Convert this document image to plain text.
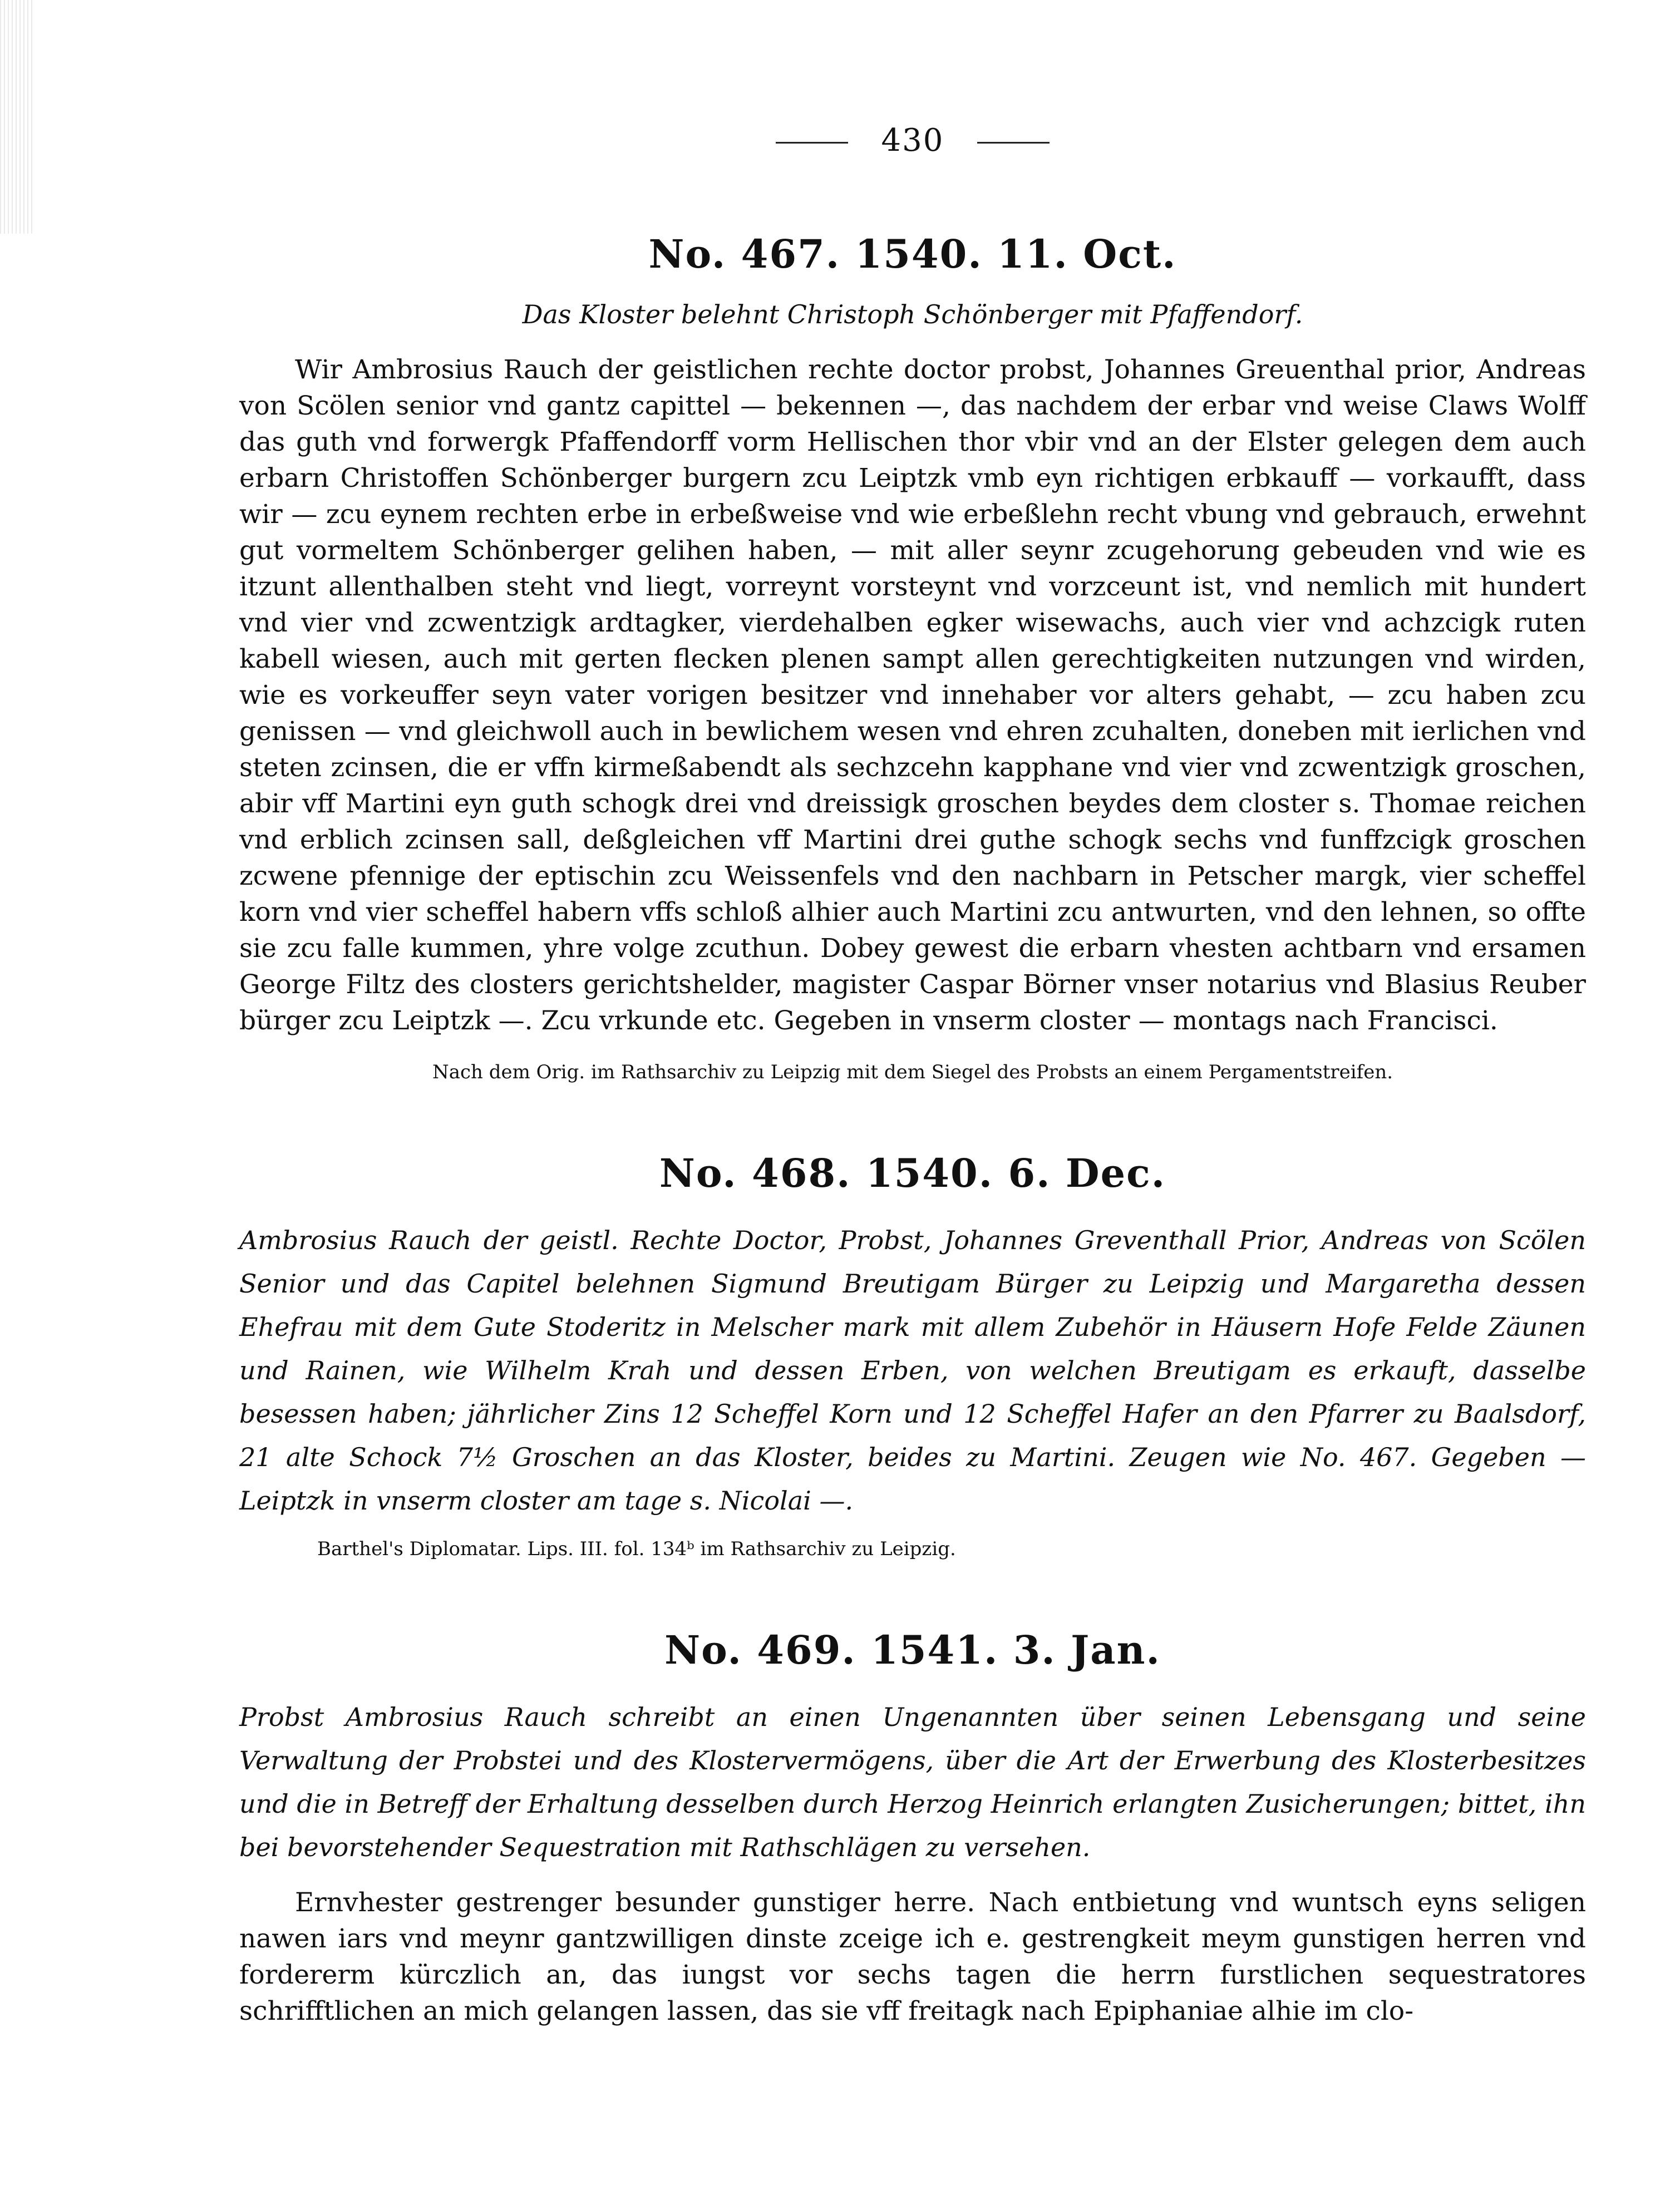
430
No. 467. 1540. 11. Oct.
Das Kloster belehnt Christoph Schönberger mit Pfaffendorf.

Wir Ambrosius Rauch der geistlichen rechte doctor probst, Johannes Greuenthal prior, Andreas von Scölen senior vnd gantz capittel — bekennen —, das nachdem der erbar vnd weise Claws Wolff das guth vnd forwergk Pfaffendorff vorm Hellischen thor vbir vnd an der Elster gelegen dem auch erbarn Christoffen Schönberger burgern zcu Leiptzk vmb eyn richtigen erbkauff — vorkaufft, dass wir — zcu eynem rechten erbe in erbeßweise vnd wie erbeßlehn recht vbung vnd gebrauch, erwehnt gut vormeltem Schönberger gelihen haben, — mit aller seynr zcugehorung gebeuden vnd wie es itzunt allenthalben steht vnd liegt, vorreynt vorsteynt vnd vorzceunt ist, vnd nemlich mit hundert vnd vier vnd zcwentzigk ardtagker, vierdehalben egker wisewachs, auch vier vnd achzcigk ruten kabell wiesen, auch mit gerten flecken plenen sampt allen gerechtigkeiten nutzungen vnd wirden, wie es vorkeuffer seyn vater vorigen besitzer vnd innehaber vor alters gehabt, — zcu haben zcu genissen — vnd gleichwoll auch in bewlichem wesen vnd ehren zcuhalten, doneben mit ierlichen vnd steten zcinsen, die er vffn kirmeßabendt als sechzcehn kapphane vnd vier vnd zcwentzigk groschen, abir vff Martini eyn guth schogk drei vnd dreissigk groschen beydes dem closter s. Thomae reichen vnd erblich zcinsen sall, deßgleichen vff Martini drei guthe schogk sechs vnd funffzcigk groschen zcwene pfennige der eptischin zcu Weissenfels vnd den nachbarn in Petscher margk, vier scheffel korn vnd vier scheffel habern vffs schloß alhier auch Martini zcu antwurten, vnd den lehnen, so offte sie zcu falle kummen, yhre volge zcuthun. Dobey gewest die erbarn vhesten achtbarn vnd ersamen George Filtz des closters gerichtshelder, magister Caspar Börner vnser notarius vnd Blasius Reuber bürger zcu Leiptzk —. Zcu vrkunde etc. Gegeben in vnserm closter — montags nach Francisci.

Nach dem Orig. im Rathsarchiv zu Leipzig mit dem Siegel des Probsts an einem Pergamentstreifen.
No. 468. 1540. 6. Dec.
Ambrosius Rauch der geistl. Rechte Doctor, Probst, Johannes Greventhall Prior, Andreas von Scölen Senior und das Capitel belehnen Sigmund Breutigam Bürger zu Leipzig und Margaretha dessen Ehefrau mit dem Gute Stoderitz in Melscher mark mit allem Zubehör in Häusern Hofe Felde Zäunen und Rainen, wie Wilhelm Krah und dessen Erben, von welchen Breutigam es erkauft, dasselbe besessen haben; jährlicher Zins 12 Scheffel Korn und 12 Scheffel Hafer an den Pfarrer zu Baalsdorf, 21 alte Schock 7½ Groschen an das Kloster, beides zu Martini. Zeugen wie No. 467. Gegeben — Leiptzk in vnserm closter am tage s. Nicolai —.
Barthel's Diplomatar. Lips. III. fol. 134ᵇ im Rathsarchiv zu Leipzig.
No. 469. 1541. 3. Jan.
Probst Ambrosius Rauch schreibt an einen Ungenannten über seinen Lebensgang und seine Verwaltung der Probstei und des Klostervermögens, über die Art der Erwerbung des Klosterbesitzes und die in Betreff der Erhaltung desselben durch Herzog Heinrich erlangten Zusicherungen; bittet, ihn bei bevorstehender Sequestration mit Rathschlägen zu versehen.

Ernvhester gestrenger besunder gunstiger herre. Nach entbietung vnd wuntsch eyns seligen nawen iars vnd meynr gantzwilligen dinste zceige ich e. gestrengkeit meym gunstigen herren vnd fordererm kürczlich an, das iungst vor sechs tagen die herrn furstlichen sequestratores schrifftlichen an mich gelangen lassen, das sie vff freitagk nach Epiphaniae alhie im clo-
